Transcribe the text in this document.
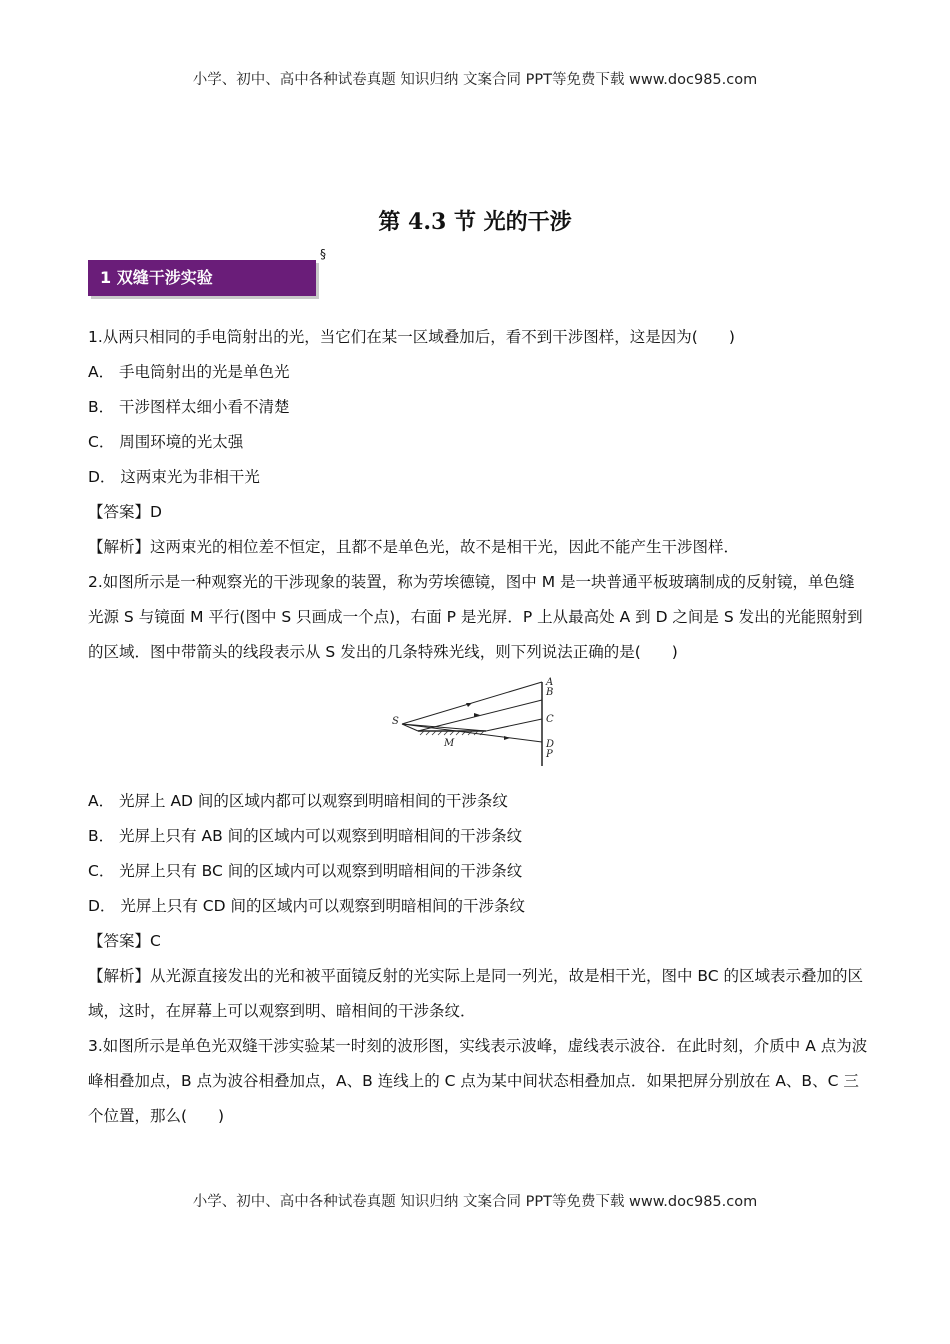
小学、初中、高中各种试卷真题 知识归纳 文案合同 PPT等免费下载 www.doc985.com
第 4.3 节 光的干涉
§
1 双缝干涉实验

1.从两只相同的手电筒射出的光，当它们在某一区域叠加后，看不到干涉图样，这是因为(　　)

A． 手电筒射出的光是单色光

B． 干涉图样太细小看不清楚

C． 周围环境的光太强

D． 这两束光为非相干光

【答案】D

【解析】这两束光的相位差不恒定，且都不是单色光，故不是相干光，因此不能产生干涉图样．

2.如图所示是一种观察光的干涉现象的装置，称为劳埃德镜，图中 M 是一块普通平板玻璃制成的反射镜，单色缝光源 S 与镜面 M 平行(图中 S 只画成一个点)，右面 P 是光屏．P 上从最高处 A 到 D 之间是 S 发出的光能照射到的区域．图中带箭头的线段表示从 S 发出的几条特殊光线，则下列说法正确的是(　　)

S
M
A
B
C
D
P

A． 光屏上 AD 间的区域内都可以观察到明暗相间的干涉条纹

B． 光屏上只有 AB 间的区域内可以观察到明暗相间的干涉条纹

C． 光屏上只有 BC 间的区域内可以观察到明暗相间的干涉条纹

D． 光屏上只有 CD 间的区域内可以观察到明暗相间的干涉条纹

【答案】C

【解析】从光源直接发出的光和被平面镜反射的光实际上是同一列光，故是相干光，图中 BC 的区域表示叠加的区域，这时，在屏幕上可以观察到明、暗相间的干涉条纹．

3.如图所示是单色光双缝干涉实验某一时刻的波形图，实线表示波峰，虚线表示波谷．在此时刻，介质中 A 点为波峰相叠加点，B 点为波谷相叠加点，A、B 连线上的 C 点为某中间状态相叠加点．如果把屏分别放在 A、B、C 三个位置，那么(　　)

小学、初中、高中各种试卷真题 知识归纳 文案合同 PPT等免费下载 www.doc985.com
